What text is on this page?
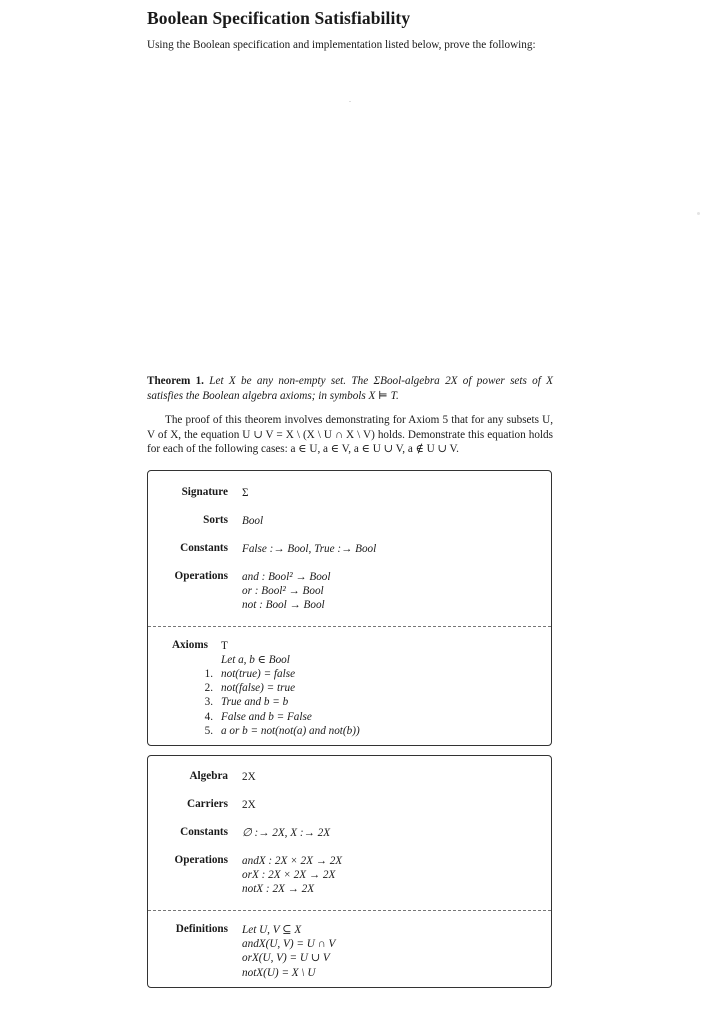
Boolean Specification Satisfiability
Using the Boolean specification and implementation listed below, prove the following:
Theorem 1. Let X be any non-empty set. The ΣBool-algebra 2X of power sets of X satisfies the Boolean algebra axioms; in symbols X ⊨ T.
The proof of this theorem involves demonstrating for Axiom 5 that for any subsets U, V of X, the equation U ∪ V = X \ (X \ U ∩ X \ V) holds. Demonstrate this equation holds for each of the following cases: a ∈ U, a ∈ V, a ∈ U ∪ V, a ∉ U ∪ V.
Signature Σ
Sorts Bool
Constants False :→ Bool, True :→ Bool
Operations and : Bool² → Bool
or : Bool² → Bool
not : Bool → Bool
Axioms T
Let a, b ∈ Bool
1. not(true) = false
2. not(false) = true
3. True and b = b
4. False and b = False
5. a or b = not(not(a) and not(b))
Algebra 2X
Carriers 2X
Constants ∅ :→ 2X, X :→ 2X
Operations andX : 2X × 2X → 2X
orX : 2X × 2X → 2X
notX : 2X → 2X
Definitions Let U, V ⊆ X
andX(U, V) = U ∩ V
orX(U, V) = U ∪ V
notX(U) = X \ U
